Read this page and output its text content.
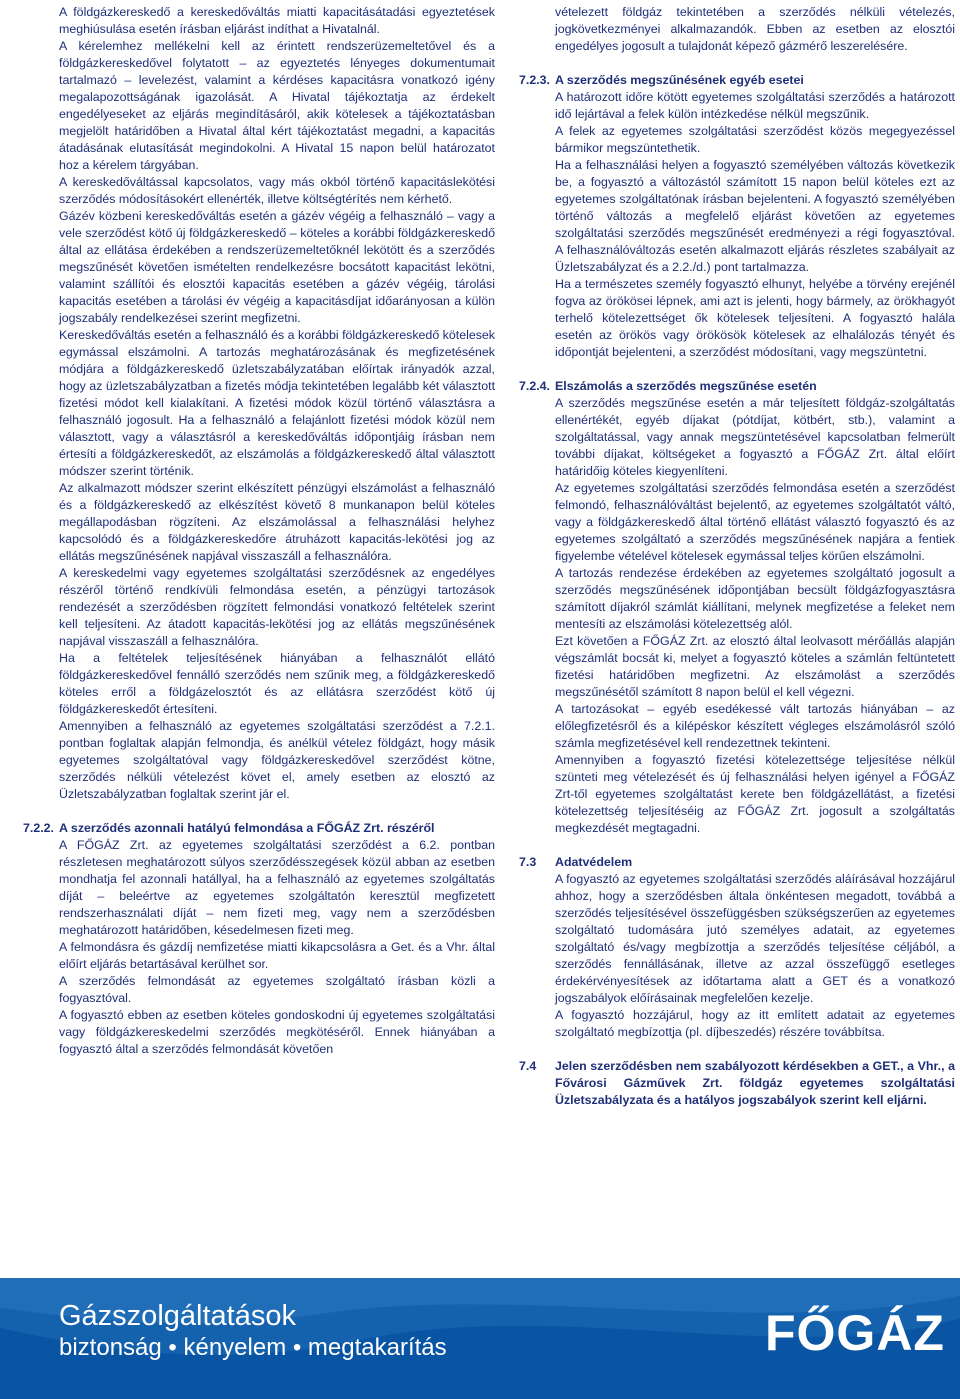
A földgázkereskedő a kereskedőváltás miatti kapacitásátadási egyeztetések meghiúsulása esetén írásban eljárást indíthat a Hivatalnál.

A kérelemhez mellékelni kell az érintett rendszerüzemeltetővel és a földgázkereskedővel folytatott – az egyeztetés lényeges dokumentumait tartalmazó – levelezést, valamint a kérdéses kapacitásra vonatkozó igény megalapozottságának igazolását. A Hivatal tájékoztatja az érdekelt engedélyeseket az eljárás megindításáról, akik kötelesek a tájékoztatásban megjelölt határidőben a Hivatal által kért tájékoztatást megadni, a kapacitás átadásának elutasítását megindokolni. A Hivatal 15 napon belül határozatot hoz a kérelem tárgyában.

A kereskedőváltással kapcsolatos, vagy más okból történő kapacitáslekötési szerződés módosításokért ellenérték, illetve költségtérítés nem kérhető.

Gázév közbeni kereskedőváltás esetén a gázév végéig a felhasználó – vagy a vele szerződést kötő új földgázkereskedő – köteles a korábbi földgázkereskedő által az ellátása érdekében a rendszerüzemeltetőknél lekötött és a szerződés megszűnését követően ismételten rendelkezésre bocsátott kapacitást lekötni, valamint szállítói és elosztói kapacitás esetében a gázév végéig, tárolási kapacitás esetében a tárolási év végéig a kapacitásdíjat időarányosan a külön jogszabály rendelkezései szerint megfizetni.

Kereskedőváltás esetén a felhasználó és a korábbi földgázkereskedő kötelesek egymással elszámolni. A tartozás meghatározásának és megfizetésének módjára a földgázkereskedő üzletszabályzatában előírtak irányadók azzal, hogy az üzletszabályzatban a fizetés módja tekintetében legalább két választott fizetési módot kell kialakítani. A fizetési módok közül történő választásra a felhasználó jogosult. Ha a felhasználó a felajánlott fizetési módok közül nem választott, vagy a választásról a kereskedőváltás időpontjáig írásban nem értesíti a földgázkereskedőt, az elszámolás a földgázkereskedő által választott módszer szerint történik.

Az alkalmazott módszer szerint elkészített pénzügyi elszámolást a felhasználó és a földgázkereskedő az elkészítést követő 8 munkanapon belül köteles megállapodásban rögzíteni. Az elszámolással a felhasználási helyhez kapcsolódó és a földgázkereskedőre átruházott kapacitás-lekötési jog az ellátás megszűnésének napjával visszaszáll a felhasználóra.

A kereskedelmi vagy egyetemes szolgáltatási szerződésnek az engedélyes részéről történő rendkívüli felmondása esetén, a pénzügyi tartozások rendezését a szerződésben rögzített felmondási vonatkozó feltételek szerint kell teljesíteni. Az átadott kapacitás-lekötési jog az ellátás megszűnésének napjával visszaszáll a felhasználóra.

Ha a feltételek teljesítésének hiányában a felhasználót ellátó földgázkereskedővel fennálló szerződés nem szűnik meg, a földgázkereskedő köteles erről a földgázelosztót és az ellátásra szerződést kötő új földgázkereskedőt értesíteni.

Amennyiben a felhasználó az egyetemes szolgáltatási szerződést a 7.2.1. pontban foglaltak alapján felmondja, és anélkül vételez földgázt, hogy másik egyetemes szolgáltatóval vagy földgázkereskedővel szerződést kötne, szerződés nélküli vételezést követ el, amely esetben az elosztó az Üzletszabályzatban foglaltak szerint jár el.

7.2.2. A szerződés azonnali hatályú felmondása a FŐGÁZ Zrt. részéről

A FŐGÁZ Zrt. az egyetemes szolgáltatási szerződést a 6.2. pontban részletesen meghatározott súlyos szerződésszegések közül abban az esetben mondhatja fel azonnali hatállyal, ha a felhasználó az egyetemes szolgáltatás díját – beleértve az egyetemes szolgáltatón keresztül megfizetett rendszerhasználati díját – nem fizeti meg, vagy nem a szerződésben meghatározott határidőben, késedelmesen fizeti meg.

A felmondásra és gázdíj nemfizetése miatti kikapcsolásra a Get. és a Vhr. által előírt eljárás betartásával kerülhet sor.

A szerződés felmondását az egyetemes szolgáltató írásban közli a fogyasztóval.

A fogyasztó ebben az esetben köteles gondoskodni új egyetemes szolgáltatási vagy földgázkereskedelmi szerződés megkötéséről. Ennek hiányában a fogyasztó által a szerződés felmondását követően

vételezett földgáz tekintetében a szerződés nélküli vételezés, jogkövetkezményei alkalmazandók. Ebben az esetben az elosztói engedélyes jogosult a tulajdonát képező gázmérő leszerelésére.

7.2.3. A szerződés megszűnésének egyéb esetei

A határozott időre kötött egyetemes szolgáltatási szerződés a határozott idő lejártával a felek külön intézkedése nélkül megszűnik.

A felek az egyetemes szolgáltatási szerződést közös megegyezéssel bármikor megszüntethetik.

Ha a felhasználási helyen a fogyasztó személyében változás következik be, a fogyasztó a változástól számított 15 napon belül köteles ezt az egyetemes szolgáltatónak írásban bejelenteni. A fogyasztó személyében történő változás a megfelelő eljárást követően az egyetemes szolgáltatási szerződés megszűnését eredményezi a régi fogyasztóval. A felhasználóváltozás esetén alkalmazott eljárás részletes szabályait az Üzletszabályzat és a 2.2./d.) pont tartalmazza.

Ha a természetes személy fogyasztó elhunyt, helyébe a törvény erejénél fogva az örökösei lépnek, ami azt is jelenti, hogy bármely, az örökhagyót terhelő kötelezettséget ők kötelesek teljesíteni. A fogyasztó halála esetén az örökös vagy örökösök kötelesek az elhalálozás tényét és időpontját bejelenteni, a szerződést módosítani, vagy megszüntetni.

7.2.4. Elszámolás a szerződés megszűnése esetén

A szerződés megszűnése esetén a már teljesített földgáz-szolgáltatás ellenértékét, egyéb díjakat (pótdíjat, kötbért, stb.), valamint a szolgáltatással, vagy annak megszüntetésével kapcsolatban felmerült további díjakat, költségeket a fogyasztó a FŐGÁZ Zrt. által előírt határidőig köteles kiegyenlíteni.

Az egyetemes szolgáltatási szerződés felmondása esetén a szerződést felmondó, felhasználóváltást bejelentő, az egyetemes szolgáltatót váltó, vagy a földgázkereskedő által történő ellátást választó fogyasztó és az egyetemes szolgáltató a szerződés megszűnésének napjára a fentiek figyelembe vételével kötelesek egymással teljes körűen elszámolni.

A tartozás rendezése érdekében az egyetemes szolgáltató jogosult a szerződés megszűnésének időpontjában becsült földgázfogyasztásra számított díjakról számlát kiállítani, melynek megfizetése a feleket nem mentesíti az elszámolási kötelezettség alól.

Ezt követően a FŐGÁZ Zrt. az elosztó által leolvasott mérőállás alapján végszámlát bocsát ki, melyet a fogyasztó köteles a számlán feltüntetett fizetési határidőben megfizetni. Az elszámolást a szerződés megszűnésétől számított 8 napon belül el kell végezni.

A tartozásokat – egyéb esedékessé vált tartozás hiányában – az előlegfizetésről és a kilépéskor készített végleges elszámolásról szóló számla megfizetésével kell rendezettnek tekinteni.

Amennyiben a fogyasztó fizetési kötelezettsége teljesítése nélkül szünteti meg vételezését és új felhasználási helyen igényel a FŐGÁZ Zrt-től egyetemes szolgáltatást kerete ben földgázellátást, a fizetési kötelezettség teljesítéséig az FŐGÁZ Zrt. jogosult a szolgáltatás megkezdését megtagadni.

7.3	Adatvédelem

A fogyasztó az egyetemes szolgáltatási szerződés aláírásával hozzájárul ahhoz, hogy a szerződésben általa önkéntesen megadott, továbbá a szerződés teljesítésével összefüggésben szükségszerűen az egyetemes szolgáltató tudomására jutó személyes adatait, az egyetemes szolgáltató és/vagy megbízottja a szerződés teljesítése céljából, a szerződés fennállásának, illetve az azzal összefüggő esetleges érdekérvényesítések az időtartama alatt a GET és a vonatkozó jogszabályok előírásainak megfelelően kezelje.

A fogyasztó hozzájárul, hogy az itt említett adatait az egyetemes szolgáltató megbízottja (pl. díjbeszedés) részére továbbítsa.

7.4	Jelen szerződésben nem szabályozott kérdésekben a GET., a Vhr., a Fővárosi Gázművek Zrt. földgáz egyetemes szolgáltatási Üzletszabályzata és a hatályos jogszabályok szerint kell eljárni.

Gázszolgáltatások

biztonság • kényelem • megtakarítás	FŐGÁZ
